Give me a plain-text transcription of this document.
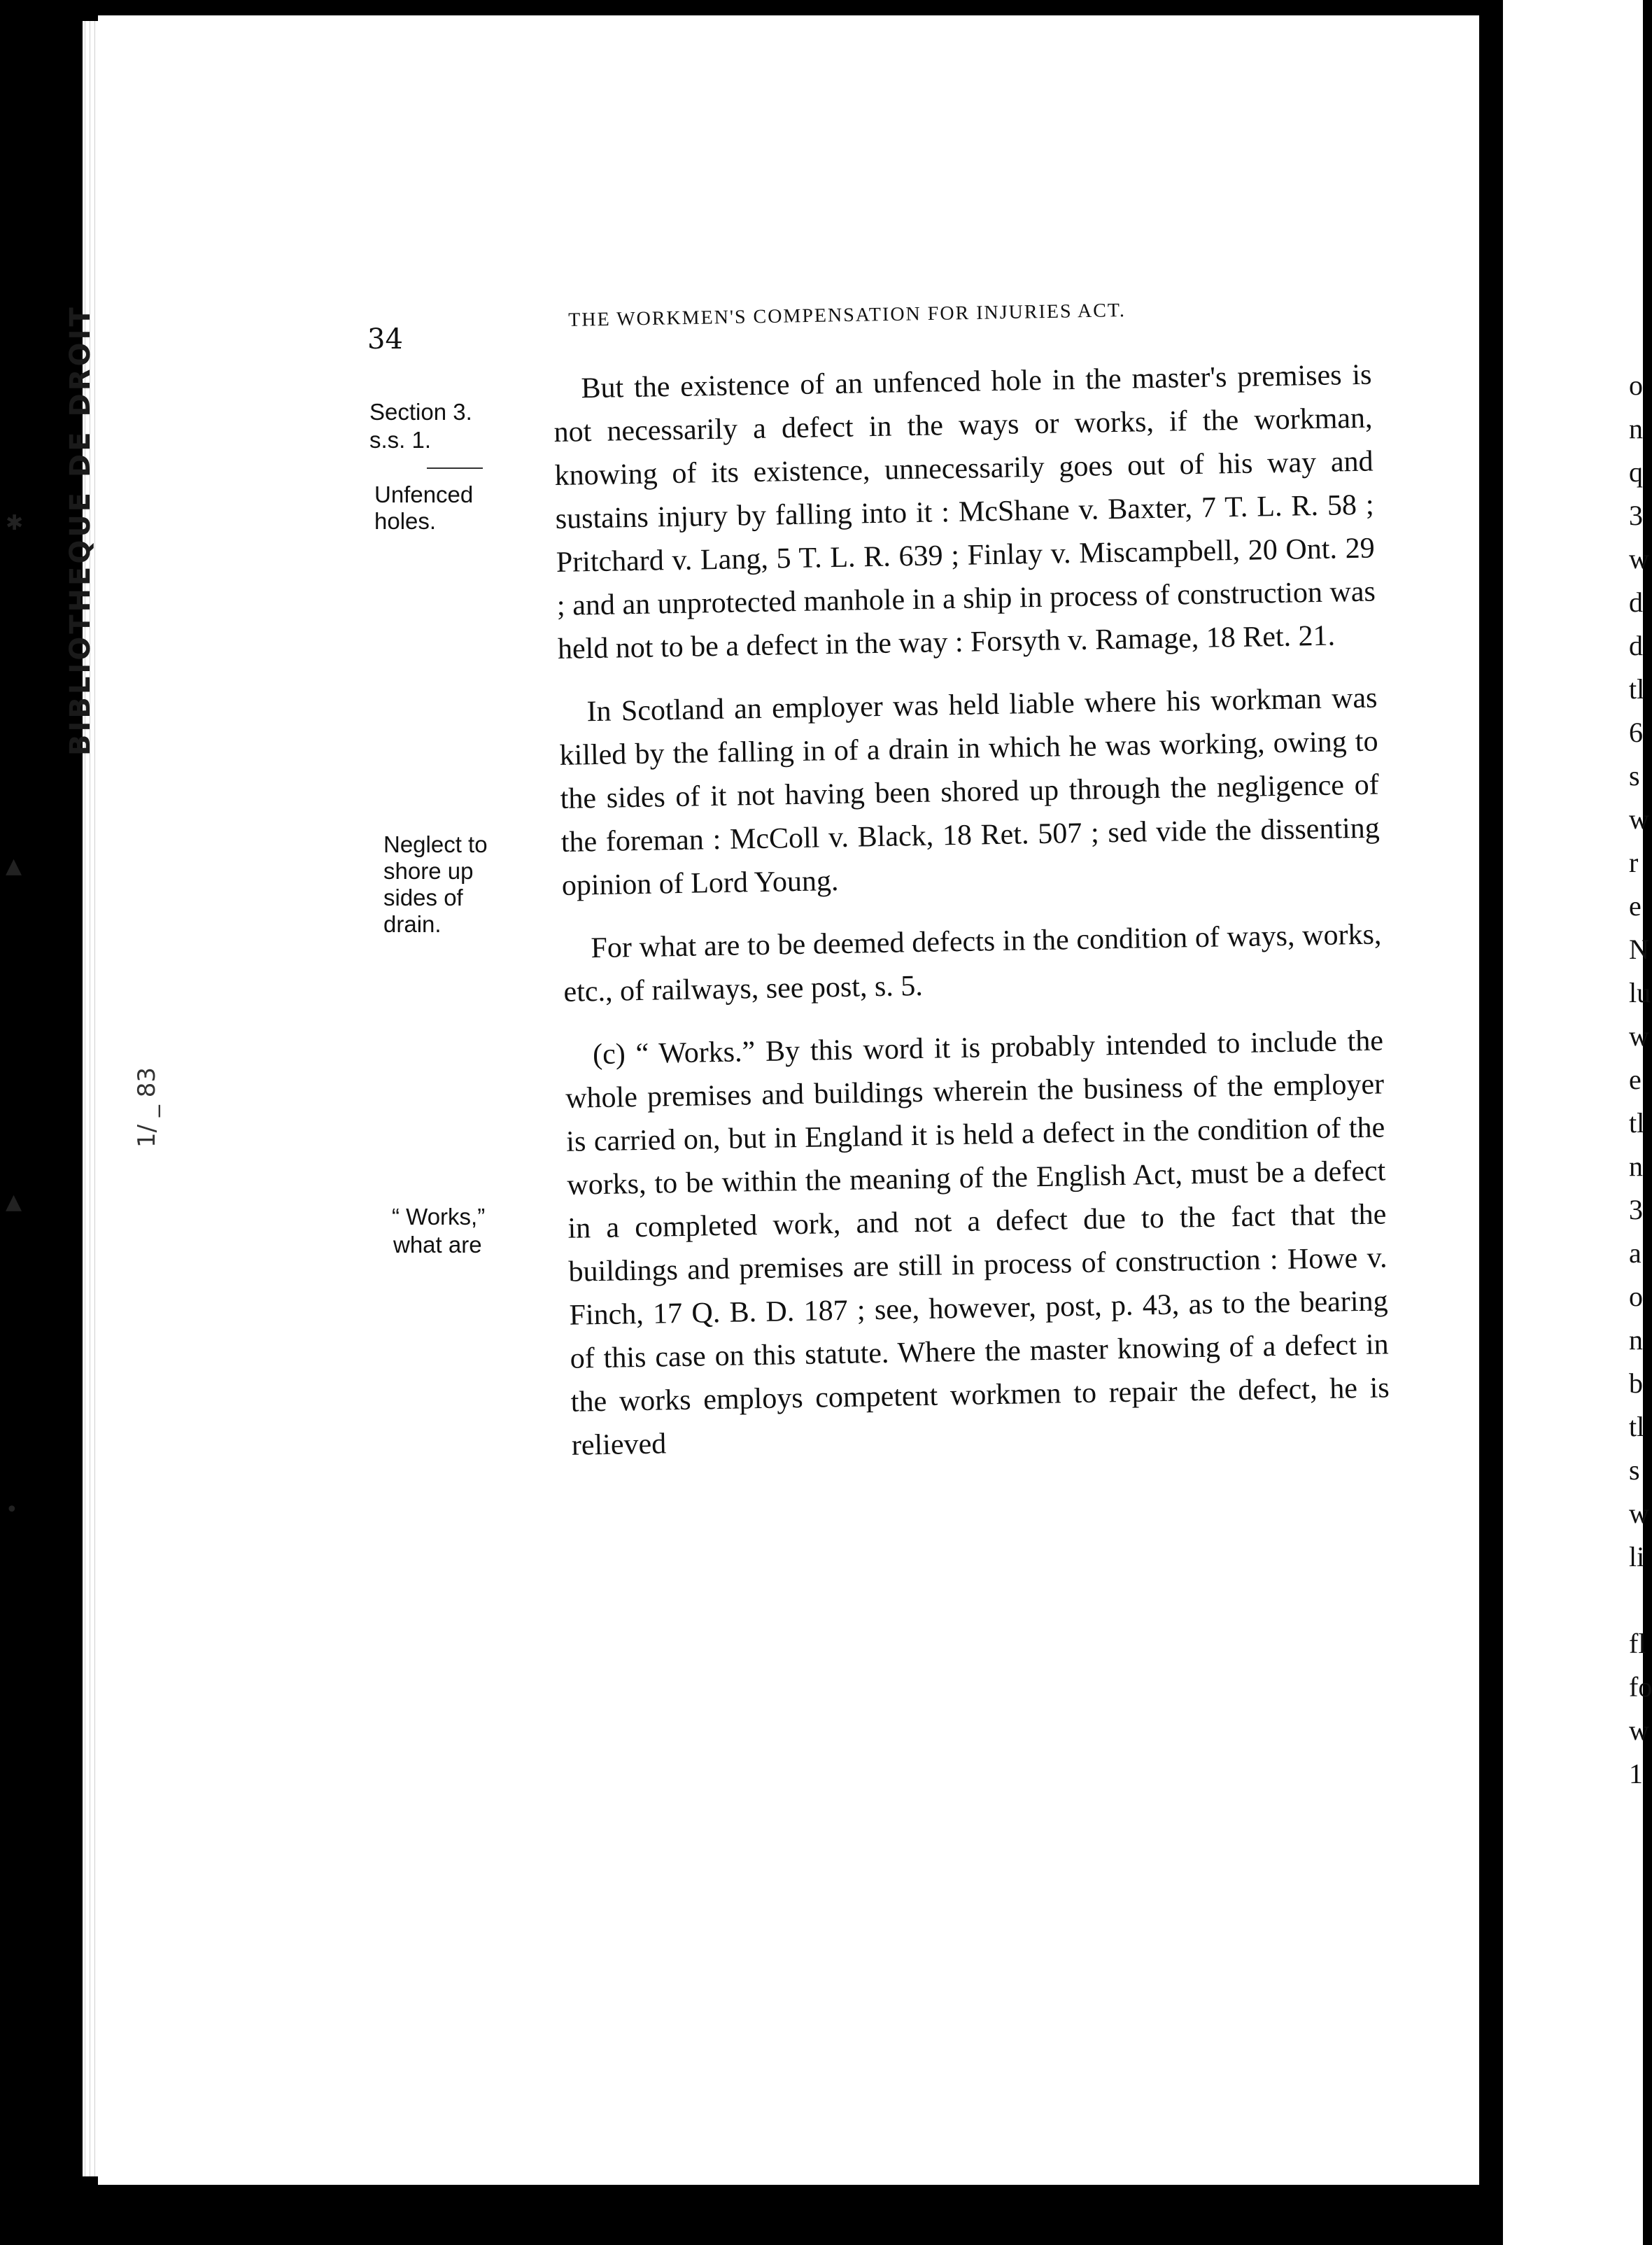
BIBLIOTHEQUE DE DROIT
1/ _ 83
✱
▲
▲
•
34
THE WORKMEN'S COMPENSATION FOR INJURIES ACT.
Section 3.
s.s. 1.
Unfenced
holes.
Neglect to
shore up
sides of
drain.
“ Works,”
what are

But the existence of an unfenced hole in the master's premises is not necessarily a defect in the ways or works, if the workman, knowing of its existence, unnecessarily goes out of his way and sustains injury by falling into it : McShane v. Baxter, 7 T. L. R. 58 ; Pritchard v. Lang, 5 T. L. R. 639 ; Finlay v. Miscampbell, 20 Ont. 29 ; and an unprotected manhole in a ship in process of construction was held not to be a defect in the way : Forsyth v. Ramage, 18 Ret. 21.

In Scotland an employer was held liable where his workman was killed by the falling in of a drain in which he was working, owing to the sides of it not having been shored up through the negligence of the foreman : McColl v. Black, 18 Ret. 507 ; sed vide the dissenting opinion of Lord Young.

For what are to be deemed defects in the condition of ways, works, etc., of railways, see post, s. 5.

(c) “ Works.” By this word it is probably intended to include the whole premises and buildings wherein the business of the employer is carried on, but in England it is held a defect in the condition of the works, to be within the meaning of the English Act, must be a defect in a completed work, and not a defect due to the fact that the buildings and premises are still in process of construction : Howe v. Finch, 17 Q. B. D. 187 ; see, however, post, p. 43, as to the bearing of this case on this statute. Where the master knowing of a defect in the works employs competent workmen to repair the defect, he is relieved

o
n
q
3
w
d
d
tl
6
s
w
r
e
N
lu
w
e
tl
n
3
a
o
n
b
tl
s
w
li
fl
fo
w
1
